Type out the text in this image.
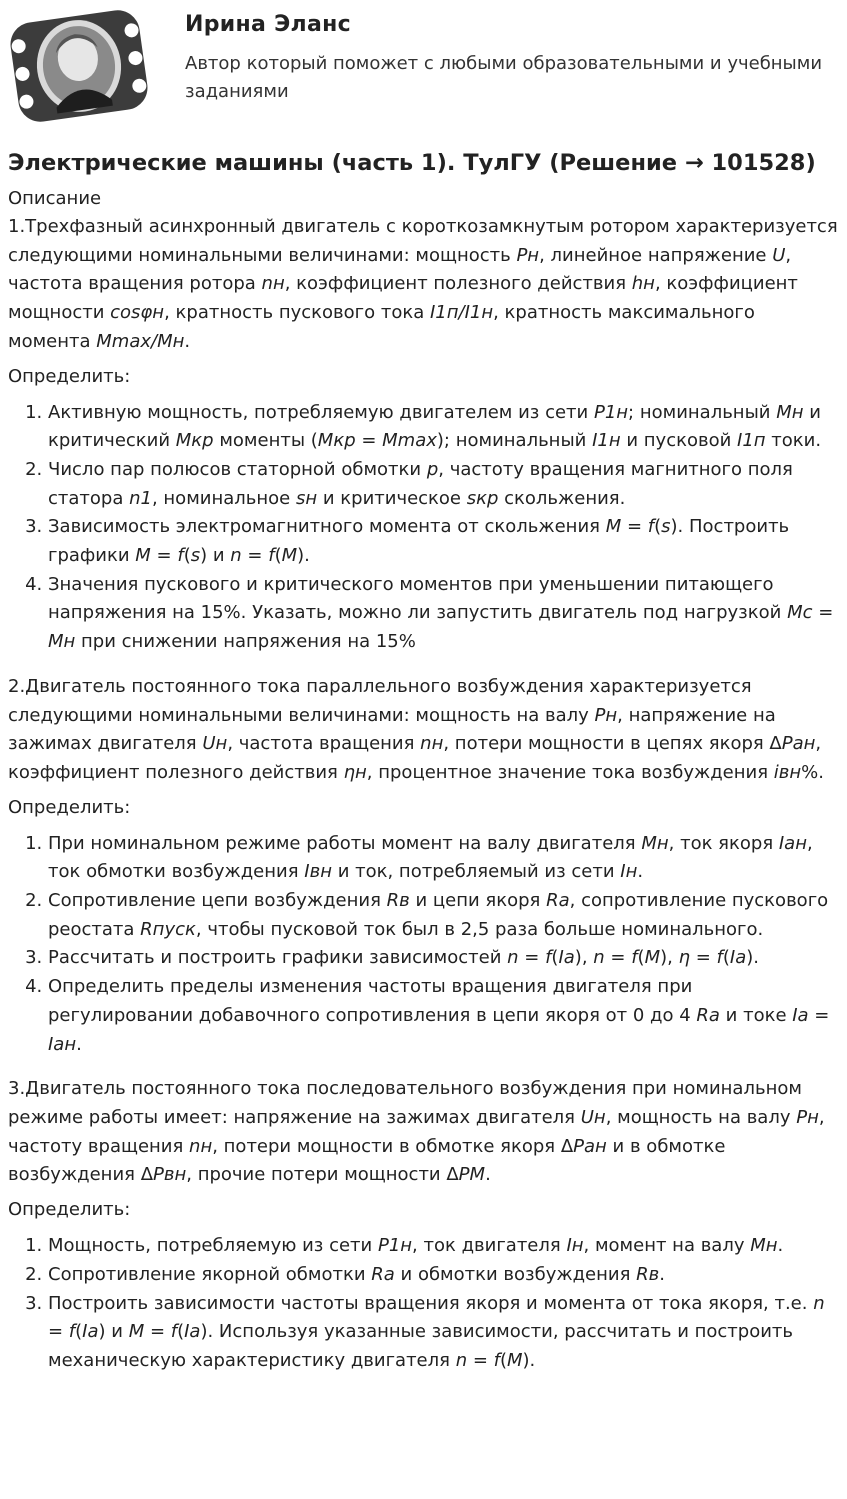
Ирина Эланс
Автор который поможет с любыми образовательными и учебными заданиями
Электрические машины (часть 1). ТулГУ (Решение → 101528)

Описание

1.Трехфазный асинхронный двигатель с короткозамкнутым ротором характеризуется следующими номинальными величинами: мощность Рн, линейное напряжение U, частота вращения ротора nн, коэффициент полезного действия hн, коэффициент мощности cosφн, кратность пускового тока I1п/I1н, кратность максимального момента Mmax/Mн.

Определить:

1. Активную мощность, потребляемую двигателем из сети Р1н; номинальный Мн и критический Мкр моменты (Мкр = Мmax); номинальный I1н и пусковой I1п токи.
2. Число пар полюсов статорной обмотки р, частоту вращения магнитного поля статора n1, номинальное sн и критическое sкр скольжения.
3. Зависимость электромагнитного момента от скольжения M = f(s). Построить графики M = f(s) и n = f(M).
4. Значения пускового и критического моментов при уменьшении питающего напряжения на 15%. Указать, можно ли запустить двигатель под нагрузкой Мс = Мн при снижении напряжения на 15%

2.Двигатель постоянного тока параллельного возбуждения характеризуется следующими номинальными величинами: мощность на валу Рн, напряжение на зажимах двигателя Uн, частота вращения nн, потери мощности в цепях якоря ΔРан, коэффициент полезного действия ηн, процентное значение тока возбуждения iвн%.

Определить:

1. При номинальном режиме работы момент на валу двигателя Мн, ток якоря Iан, ток обмотки возбуждения Iвн и ток, потребляемый из сети Iн.
2. Сопротивление цепи возбуждения Rв и цепи якоря Ra, сопротивление пускового реостата Rпуск, чтобы пусковой ток был в 2,5 раза больше номинального.
3. Рассчитать и построить графики зависимостей n = f(Ia), n = f(M), η = f(Ia).
4. Определить пределы изменения частоты вращения двигателя при регулировании добавочного сопротивления в цепи якоря от 0 до 4 Ra и токе Ia = Iан.

3.Двигатель постоянного тока последовательного возбуждения при номинальном режиме работы имеет: напряжение на зажимах двигателя Uн, мощность на валу Рн, частоту вращения nн, потери мощности в обмотке якоря ΔРан и в обмотке возбуждения ΔРвн, прочие потери мощности ΔРМ.

Определить:

1. Мощность, потребляемую из сети Р1н, ток двигателя Iн, момент на валу Мн.
2. Сопротивление якорной обмотки Ra и обмотки возбуждения Rв.
3. Построить зависимости частоты вращения якоря и момента от тока якоря, т.е. n = f(Ia) и M = f(Ia). Используя указанные зависимости, рассчитать и построить механическую характеристику двигателя n = f(M).
